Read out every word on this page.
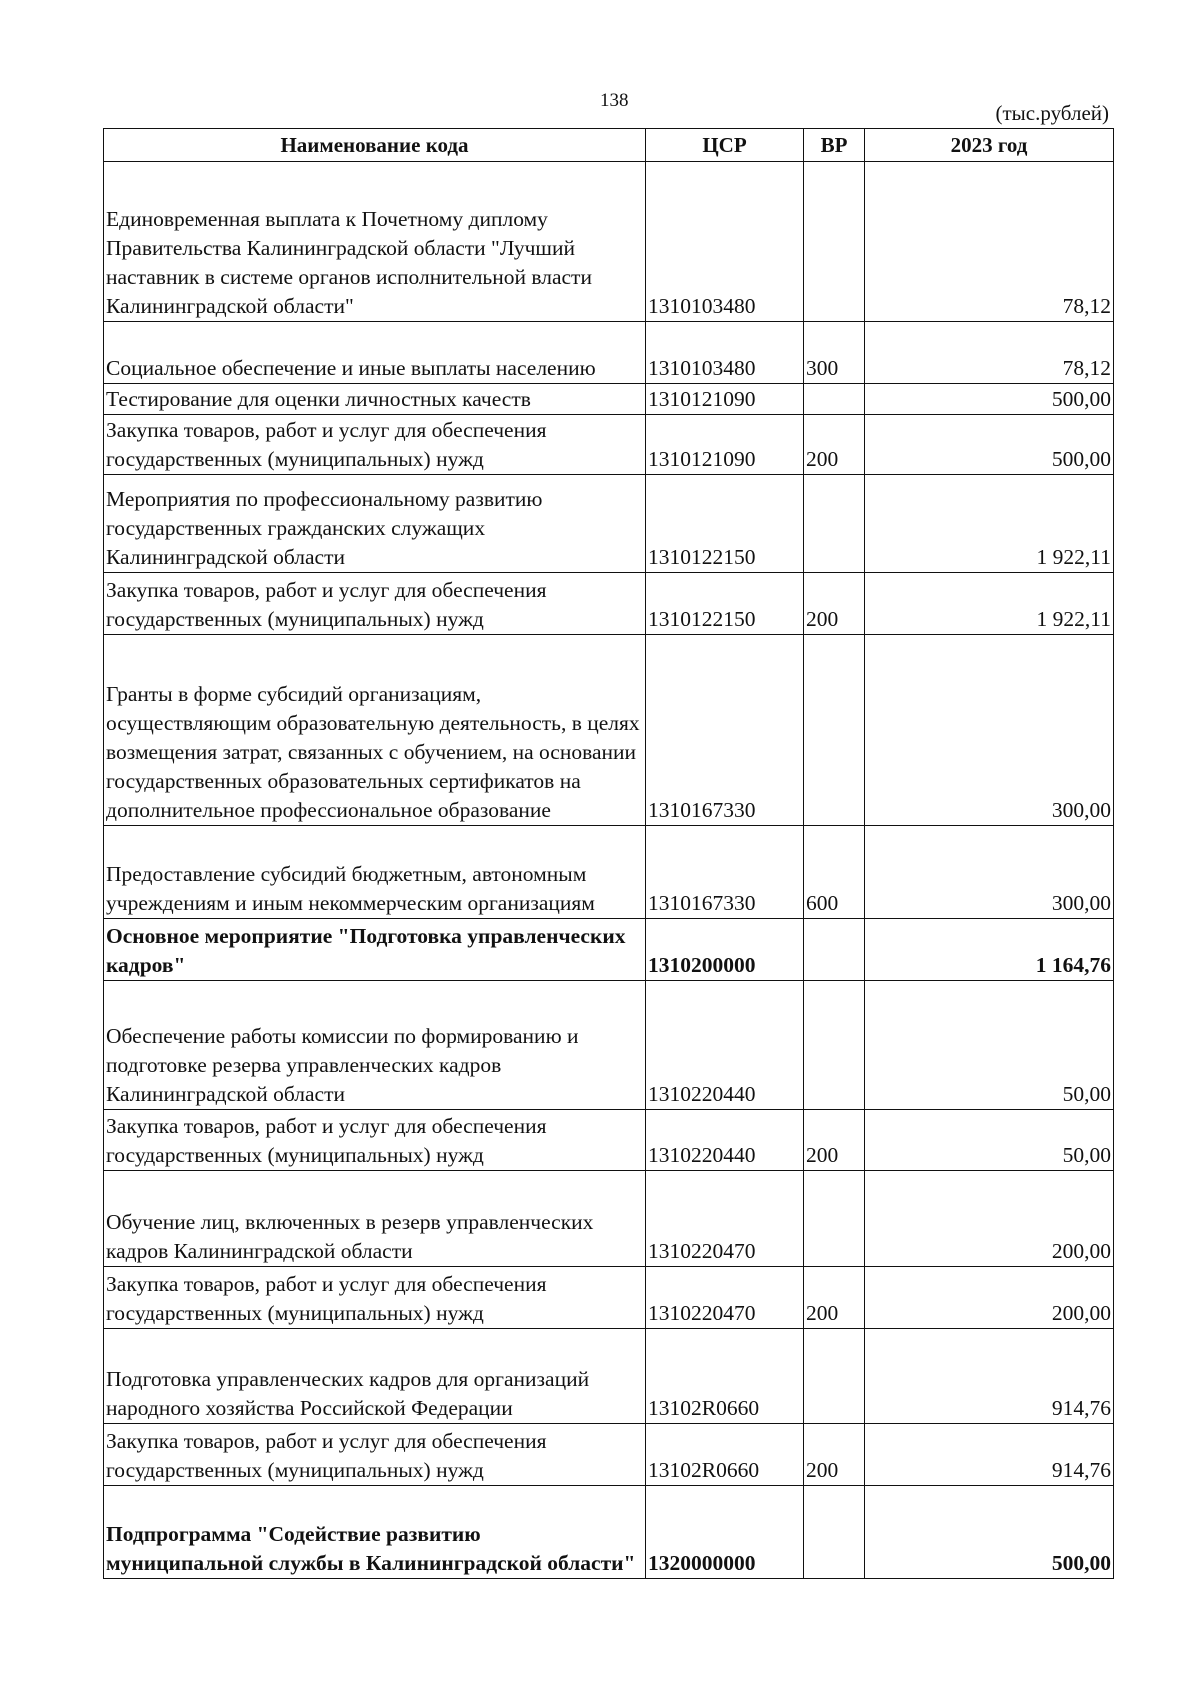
138
(тыс.рублей)
Наименование кода	ЦСР	ВР	2023 год
Единовременная выплата к Почетному диплому Правительства Калининградской области "Лучший наставник в системе органов исполнительной власти Калининградской области"	1310103480		78,12
Социальное обеспечение и иные выплаты населению	1310103480	300	78,12
Тестирование для оценки личностных качеств	1310121090		500,00
Закупка товаров, работ и услуг для обеспечения государственных (муниципальных) нужд	1310121090	200	500,00
Мероприятия по профессиональному развитию государственных гражданских служащих Калининградской области	1310122150		1 922,11
Закупка товаров, работ и услуг для обеспечения государственных (муниципальных) нужд	1310122150	200	1 922,11
Гранты в форме субсидий организациям, осуществляющим образовательную деятельность, в целях возмещения затрат, связанных с обучением, на основании государственных образовательных сертификатов на дополнительное профессиональное образование	1310167330		300,00
Предоставление субсидий бюджетным, автономным учреждениям и иным некоммерческим организациям	1310167330	600	300,00
Основное мероприятие "Подготовка управленческих кадров"	1310200000		1 164,76
Обеспечение работы комиссии по формированию и подготовке резерва управленческих кадров Калининградской области	1310220440		50,00
Закупка товаров, работ и услуг для обеспечения государственных (муниципальных) нужд	1310220440	200	50,00
Обучение лиц, включенных в резерв управленческих кадров Калининградской области	1310220470		200,00
Закупка товаров, работ и услуг для обеспечения государственных (муниципальных) нужд	1310220470	200	200,00
Подготовка управленческих кадров для организаций народного хозяйства Российской Федерации	13102R0660		914,76
Закупка товаров, работ и услуг для обеспечения государственных (муниципальных) нужд	13102R0660	200	914,76
Подпрограмма "Содействие развитию муниципальной службы в Калининградской области"	1320000000		500,00
